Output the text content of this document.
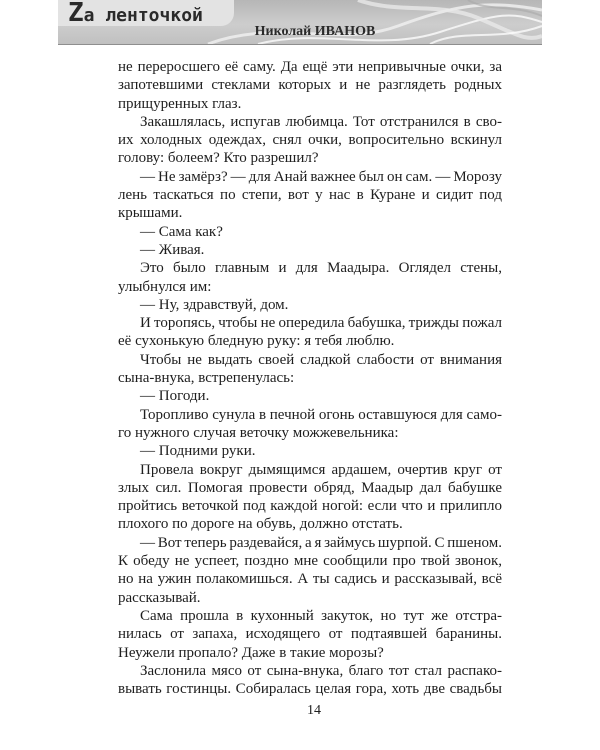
Zа ленточкой
Николай ИВАНОВ
не переросшего её саму. Да ещё эти непривычные очки, за
запотевшими стеклами которых и не разглядеть родных
прищуренных глаз.
Закашлялась, испугав любимца. Тот отстранился в сво-
их холодных одеждах, снял очки, вопросительно вскинул
голову: болеем? Кто разрешил?
— Не замёрз? — для Анай важнее был он сам. — Морозу
лень таскаться по степи, вот у нас в Куране и сидит под
крышами.
— Сама как?
— Живая.
Это было главным и для Маадыра. Оглядел стены,
улыбнулся им:
— Ну, здравствуй, дом.
И торопясь, чтобы не опередила бабушка, трижды пожал
её сухонькую бледную руку: я тебя люблю.
Чтобы не выдать своей сладкой слабости от внимания
сына-внука, встрепенулась:
— Погоди.
Торопливо сунула в печной огонь оставшуюся для само-
го нужного случая веточку можжевельника:
— Подними руки.
Провела вокруг дымящимся ардашем, очертив круг от
злых сил. Помогая провести обряд, Маадыр дал бабушке
пройтись веточкой под каждой ногой: если что и прилипло
плохого по дороге на обувь, должно отстать.
— Вот теперь раздевайся, а я займусь шурпой. С пшеном.
К обеду не успеет, поздно мне сообщили про твой звонок,
но на ужин полакомишься. А ты садись и рассказывай, всё
рассказывай.
Сама прошла в кухонный закуток, но тут же отстра-
нилась от запаха, исходящего от подтаявшей баранины.
Неужели пропало? Даже в такие морозы?
Заслонила мясо от сына-внука, благо тот стал распако-
вывать гостинцы. Собиралась целая гора, хоть две свадьбы
14
